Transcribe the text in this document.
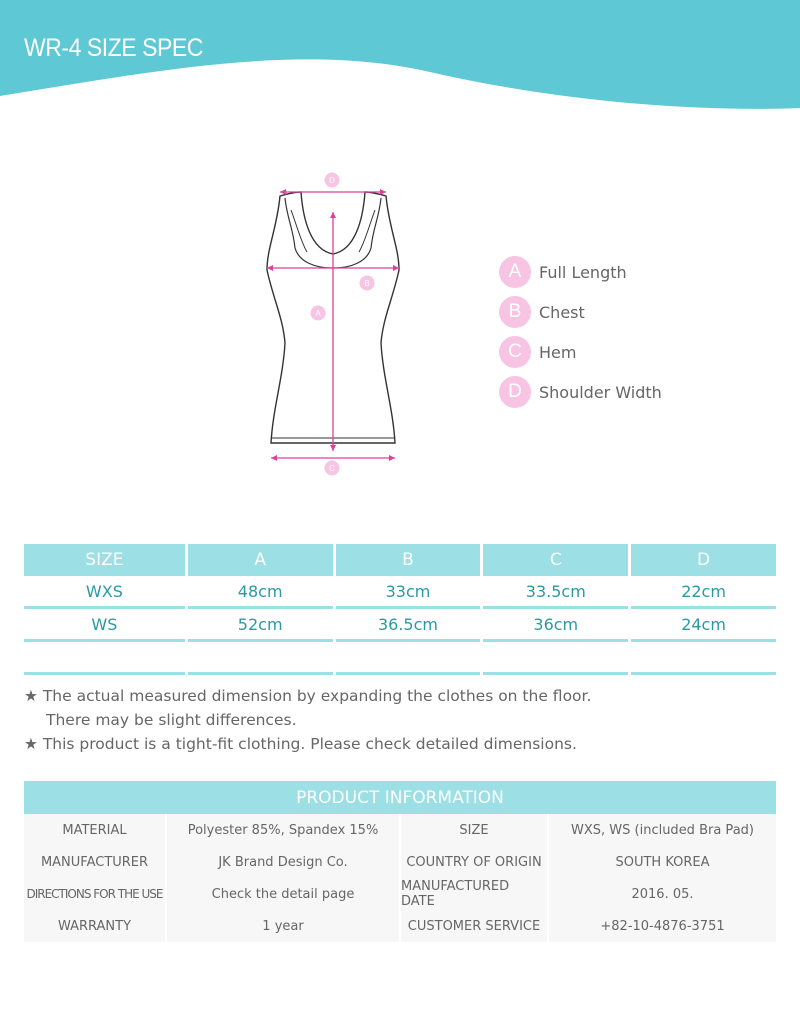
WR-4 SIZE SPEC
D
B
A
C
A	Full Length
B	Chest
C	Hem
D	Shoulder Width
SIZE	A	B	C	D
WXS	48cm	33cm	33.5cm	22cm
WS	52cm	36.5cm	36cm	24cm
★ The actual measured dimension by expanding the clothes on the floor.
There may be slight differences.
★ This product is a tight-fit clothing. Please check detailed dimensions.
PRODUCT INFORMATION
MATERIAL	Polyester 85%, Spandex 15%	SIZE	WXS, WS (included Bra Pad)
MANUFACTURER	JK Brand Design Co.	COUNTRY OF ORIGIN	SOUTH KOREA
DIRECTIONS FOR THE USE	Check the detail page	MANUFACTURED DATE	2016. 05.
WARRANTY	1 year	CUSTOMER SERVICE	+82-10-4876-3751
